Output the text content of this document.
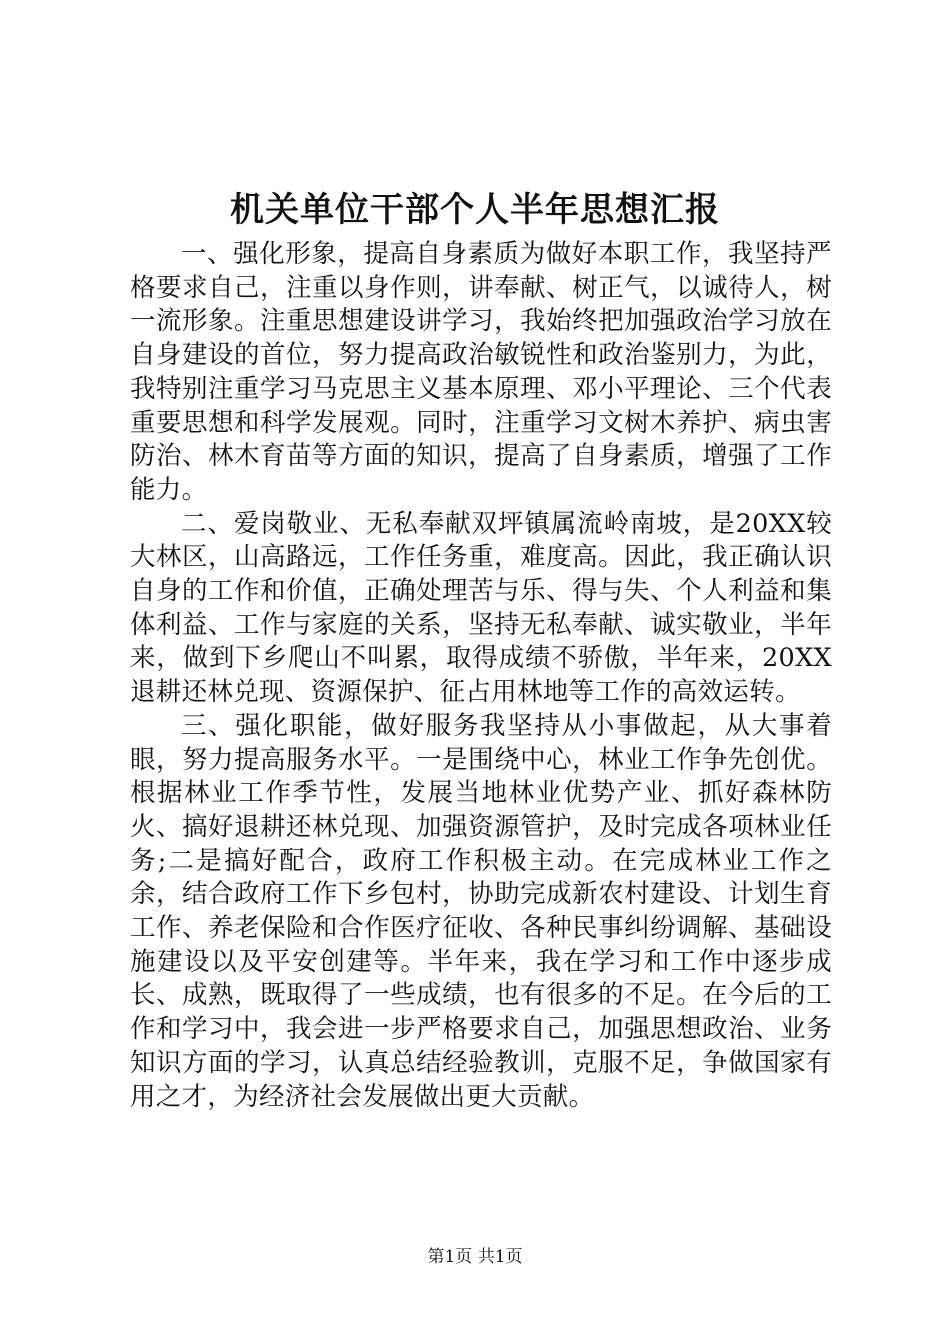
机关单位干部个人半年思想汇报

一、强化形象，提高自身素质为做好本职工作，我坚持严格要求自己，注重以身作则，讲奉献、树正气，以诚待人，树一流形象。注重思想建设讲学习，我始终把加强政治学习放在自身建设的首位，努力提高政治敏锐性和政治鉴别力，为此，我特别注重学习马克思主义基本原理、邓小平理论、三个代表重要思想和科学发展观。同时，注重学习文树木养护、病虫害防治、林木育苗等方面的知识，提高了自身素质，增强了工作能力。

二、爱岗敬业、无私奉献双坪镇属流岭南坡，是20XX较大林区，山高路远，工作任务重，难度高。因此，我正确认识自身的工作和价值，正确处理苦与乐、得与失、个人利益和集体利益、工作与家庭的关系，坚持无私奉献、诚实敬业，半年来，做到下乡爬山不叫累，取得成绩不骄傲，半年来，20XX退耕还林兑现、资源保护、征占用林地等工作的高效运转。

三、强化职能，做好服务我坚持从小事做起，从大事着眼，努力提高服务水平。一是围绕中心，林业工作争先创优。根据林业工作季节性，发展当地林业优势产业、抓好森林防火、搞好退耕还林兑现、加强资源管护，及时完成各项林业任务;二是搞好配合，政府工作积极主动。在完成林业工作之余，结合政府工作下乡包村，协助完成新农村建设、计划生育工作、养老保险和合作医疗征收、各种民事纠纷调解、基础设施建设以及平安创建等。半年来，我在学习和工作中逐步成长、成熟，既取得了一些成绩，也有很多的不足。在今后的工作和学习中，我会进一步严格要求自己，加强思想政治、业务知识方面的学习，认真总结经验教训，克服不足，争做国家有用之才，为经济社会发展做出更大贡献。

第1页 共1页
